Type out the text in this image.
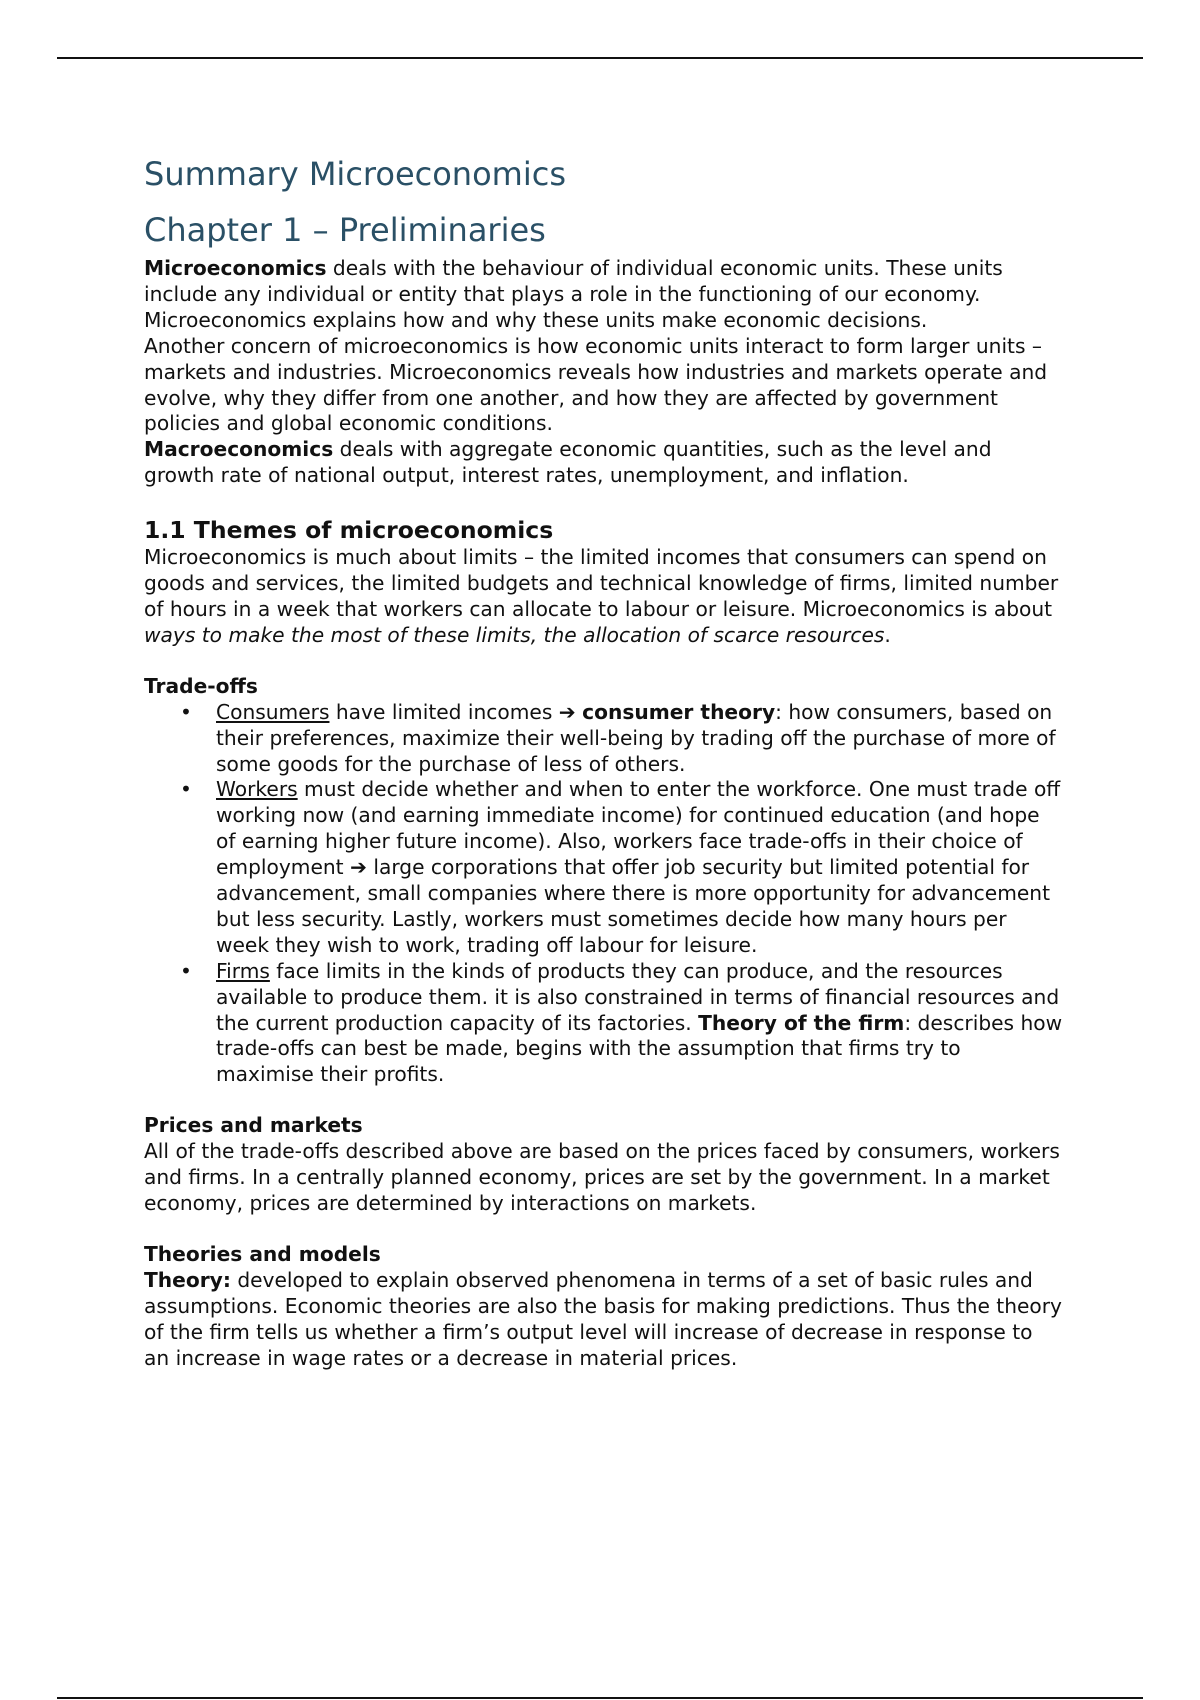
Summary Microeconomics
Chapter 1 – Preliminaries

Microeconomics deals with the behaviour of individual economic units. These units include any individual or entity that plays a role in the functioning of our economy. Microeconomics explains how and why these units make economic decisions.

Another concern of microeconomics is how economic units interact to form larger units – markets and industries. Microeconomics reveals how industries and markets operate and evolve, why they differ from one another, and how they are affected by government policies and global economic conditions.

Macroeconomics deals with aggregate economic quantities, such as the level and growth rate of national output, interest rates, unemployment, and inflation.

1.1 Themes of microeconomics

Microeconomics is much about limits – the limited incomes that consumers can spend on goods and services, the limited budgets and technical knowledge of firms, limited number of hours in a week that workers can allocate to labour or leisure. Microeconomics is about ways to make the most of these limits, the allocation of scarce resources.

Trade-offs
• Consumers have limited incomes ➔ consumer theory: how consumers, based on their preferences, maximize their well-being by trading off the purchase of more of some goods for the purchase of less of others.
• Workers must decide whether and when to enter the workforce. One must trade off working now (and earning immediate income) for continued education (and hope of earning higher future income). Also, workers face trade-offs in their choice of employment ➔ large corporations that offer job security but limited potential for advancement, small companies where there is more opportunity for advancement but less security. Lastly, workers must sometimes decide how many hours per week they wish to work, trading off labour for leisure.
• Firms face limits in the kinds of products they can produce, and the resources available to produce them. it is also constrained in terms of financial resources and the current production capacity of its factories. Theory of the firm: describes how trade-offs can best be made, begins with the assumption that firms try to maximise their profits.
Prices and markets

All of the trade-offs described above are based on the prices faced by consumers, workers and firms. In a centrally planned economy, prices are set by the government. In a market economy, prices are determined by interactions on markets.

Theories and models

Theory: developed to explain observed phenomena in terms of a set of basic rules and assumptions. Economic theories are also the basis for making predictions. Thus the theory of the firm tells us whether a firm’s output level will increase of decrease in response to an increase in wage rates or a decrease in material prices.
